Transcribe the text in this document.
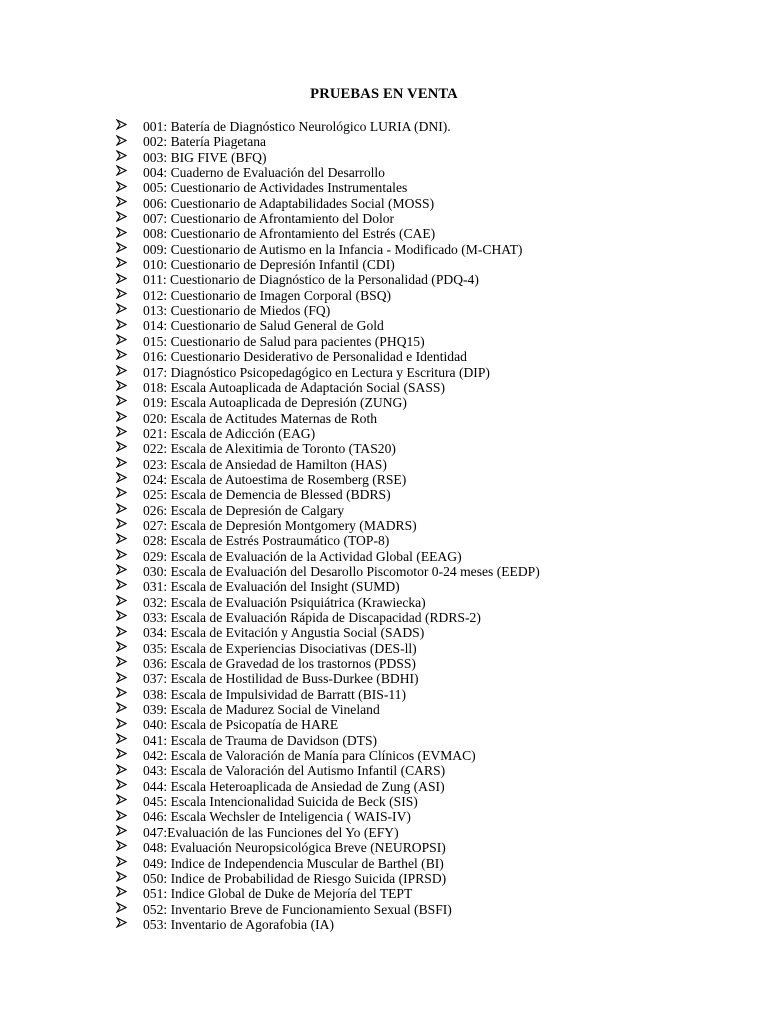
PRUEBAS EN VENTA
001: Batería de Diagnóstico Neurológico LURIA (DNI).
002: Batería Piagetana
003: BIG FIVE (BFQ)
004: Cuaderno de Evaluación del Desarrollo
005: Cuestionario de Actividades Instrumentales
006: Cuestionario de Adaptabilidades Social (MOSS)
007: Cuestionario de Afrontamiento del Dolor
008: Cuestionario de Afrontamiento del Estrés (CAE)
009: Cuestionario de Autismo en la Infancia - Modificado (M-CHAT)
010: Cuestionario de Depresión Infantil (CDI)
011: Cuestionario de Diagnóstico de la Personalidad (PDQ-4)
012: Cuestionario de Imagen Corporal (BSQ)
013: Cuestionario de Miedos (FQ)
014: Cuestionario de Salud General de Gold
015: Cuestionario de Salud para pacientes (PHQ15)
016: Cuestionario Desiderativo de Personalidad e Identidad
017: Diagnóstico Psicopedagógico en Lectura y Escritura (DIP)
018: Escala Autoaplicada de Adaptación Social (SASS)
019: Escala Autoaplicada de Depresión (ZUNG)
020: Escala de Actitudes Maternas de Roth
021: Escala de Adicción (EAG)
022: Escala de Alexitimia de Toronto (TAS20)
023: Escala de Ansiedad de Hamilton (HAS)
024: Escala de Autoestima de Rosemberg (RSE)
025: Escala de Demencia de Blessed (BDRS)
026: Escala de Depresión de Calgary
027: Escala de Depresión Montgomery (MADRS)
028: Escala de Estrés Postraumático (TOP-8)
029: Escala de Evaluación de la Actividad Global (EEAG)
030: Escala de Evaluación del Desarollo Piscomotor 0-24 meses (EEDP)
031: Escala de Evaluación del Insight (SUMD)
032: Escala de Evaluación Psiquiátrica (Krawiecka)
033: Escala de Evaluación Rápida de Discapacidad (RDRS-2)
034: Escala de Evitación y Angustia Social (SADS)
035: Escala de Experiencias Disociativas (DES-ll)
036: Escala de Gravedad de los trastornos (PDSS)
037: Escala de Hostilidad de Buss-Durkee (BDHI)
038: Escala de Impulsividad de Barratt (BIS-11)
039: Escala de Madurez Social de Vineland
040: Escala de Psicopatía de HARE
041: Escala de Trauma de Davidson (DTS)
042: Escala de Valoración de Manía para Clínicos (EVMAC)
043: Escala de Valoración del Autismo Infantil (CARS)
044: Escala Heteroaplicada de Ansiedad de Zung (ASI)
045: Escala Intencionalidad Suicida de Beck (SIS)
046: Escala Wechsler de Inteligencia ( WAIS-IV)
047:Evaluación de las Funciones del Yo (EFY)
048: Evaluación Neuropsicológica Breve (NEUROPSI)
049: Indice de Independencia Muscular de Barthel (BI)
050: Indice de Probabilidad de Riesgo Suicida (IPRSD)
051: Indice Global de Duke de Mejoría del TEPT
052: Inventario Breve de Funcionamiento Sexual (BSFI)
053: Inventario de Agorafobia (IA)
